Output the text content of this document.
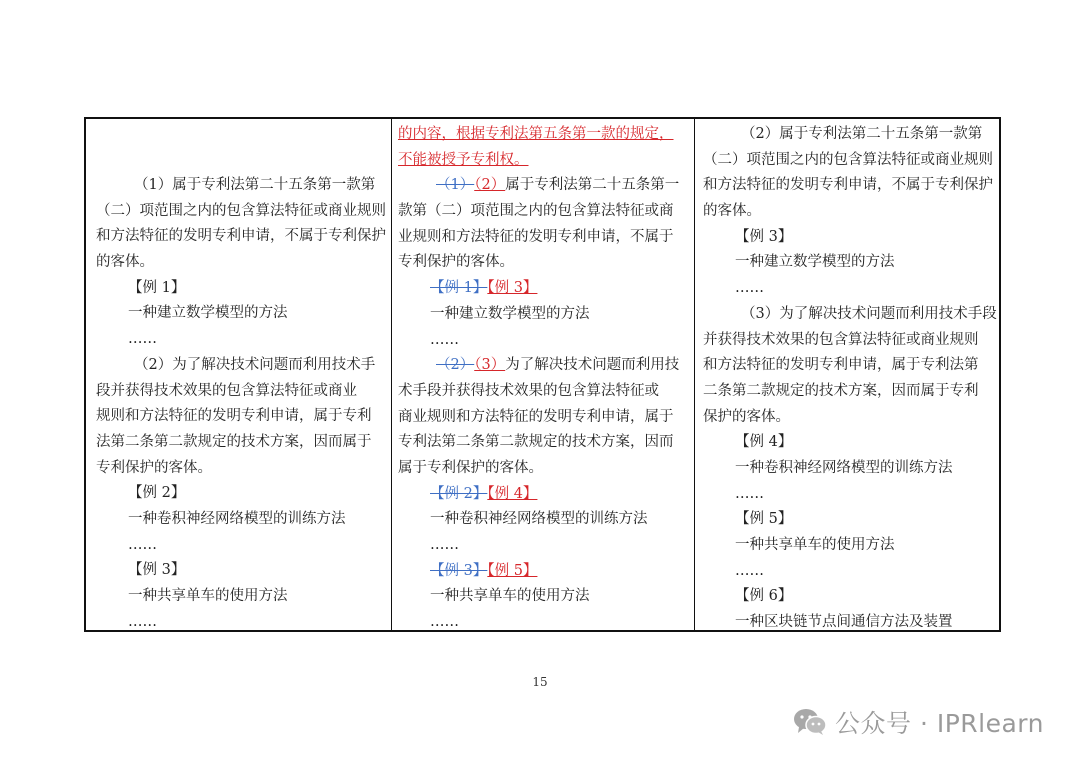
（1）属于专利法第二十五条第一款第
（二）项范围之内的包含算法特征或商业规则
和方法特征的发明专利申请，不属于专利保护
的客体。
【例 1】
一种建立数学模型的方法
……
（2）为了解决技术问题而利用技术手
段并获得技术效果的包含算法特征或商业
规则和方法特征的发明专利申请，属于专利
法第二条第二款规定的技术方案，因而属于
专利保护的客体。
【例 2】
一种卷积神经网络模型的训练方法
……
【例 3】
一种共享单车的使用方法
……
的内容，根据专利法第五条第一款的规定，
不能被授予专利权。
（1）（2）属于专利法第二十五条第一
款第（二）项范围之内的包含算法特征或商
业规则和方法特征的发明专利申请，不属于
专利保护的客体。
【例 1】【例 3】
一种建立数学模型的方法
……
（2）（3）为了解决技术问题而利用技
术手段并获得技术效果的包含算法特征或
商业规则和方法特征的发明专利申请，属于
专利法第二条第二款规定的技术方案，因而
属于专利保护的客体。
【例 2】【例 4】
一种卷积神经网络模型的训练方法
……
【例 3】【例 5】
一种共享单车的使用方法
……
（2）属于专利法第二十五条第一款第
（二）项范围之内的包含算法特征或商业规则
和方法特征的发明专利申请，不属于专利保护
的客体。
【例 3】
一种建立数学模型的方法
……
（3）为了解决技术问题而利用技术手段
并获得技术效果的包含算法特征或商业规则
和方法特征的发明专利申请，属于专利法第
二条第二款规定的技术方案，因而属于专利
保护的客体。
【例 4】
一种卷积神经网络模型的训练方法
……
【例 5】
一种共享单车的使用方法
……
【例 6】
一种区块链节点间通信方法及装置
15
公众号 · IPRlearn
